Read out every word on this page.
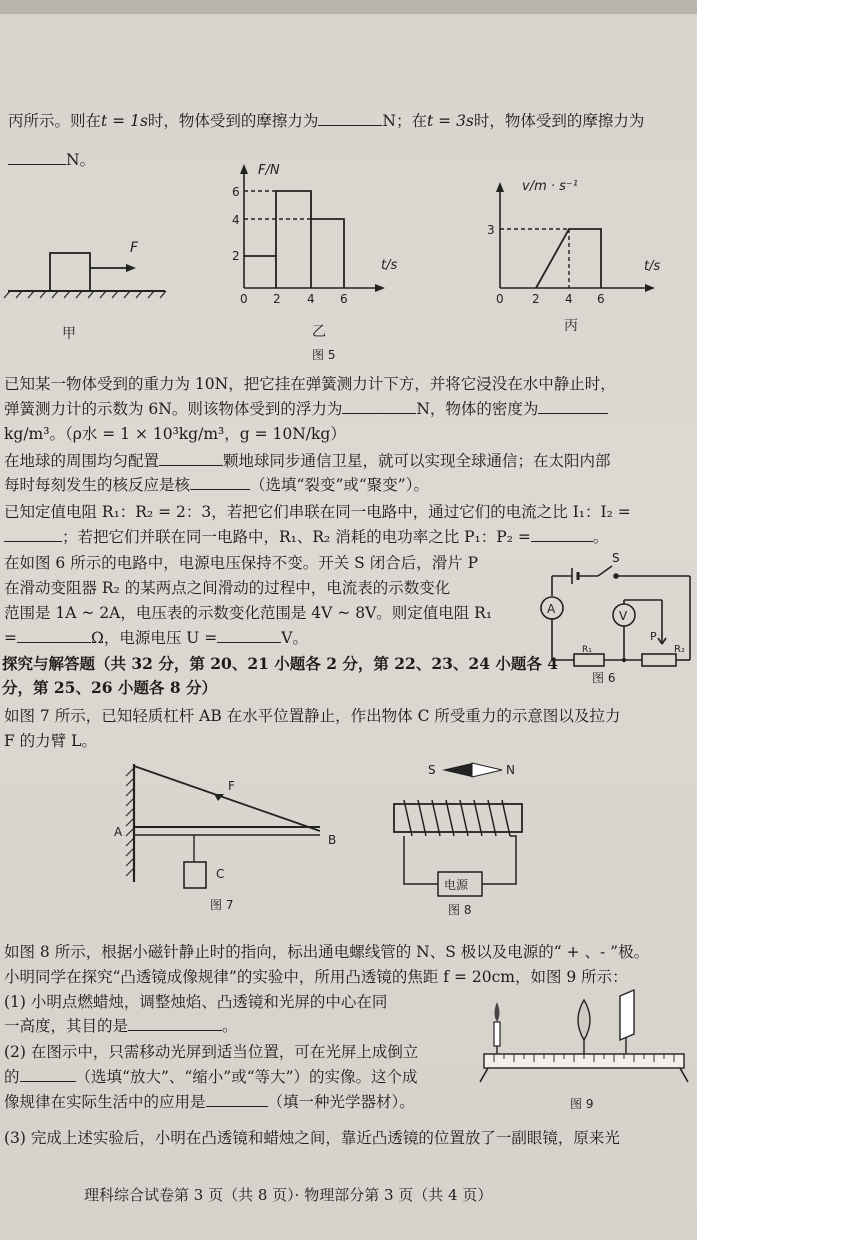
丙所示。则在t = 1s时，物体受到的摩擦力为	N；在t = 3s时，物体受到的摩擦力为
N。
F
甲
F/N
t/s
6
4
2
0 2 4 6
乙
图 5
v/m · s⁻¹
t/s
3
0 2 4 6
丙
已知某一物体受到的重力为 10N，把它挂在弹簧测力计下方，并将它浸没在水中静止时，
弹簧测力计的示数为 6N。则该物体受到的浮力为	N，物体的密度为
kg/m³。（ρ水 = 1 × 10³kg/m³，g = 10N/kg）
在地球的周围均匀配置	颗地球同步通信卫星，就可以实现全球通信；在太阳内部
每时每刻发生的核反应是核	（选填“裂变”或“聚变”）。
已知定值电阻 R₁：R₂ = 2：3，若把它们串联在同一电路中，通过它们的电流之比 I₁：I₂ =
；若把它们并联在同一电路中，R₁、R₂ 消耗的电功率之比 P₁：P₂ =	。
在如图 6 所示的电路中，电源电压保持不变。开关 S 闭合后，滑片 P
在滑动变阻器 R₂ 的某两点之间滑动的过程中，电流表的示数变化
范围是 1A ~ 2A，电压表的示数变化范围是 4V ~ 8V。则定值电阻 R₁
=	Ω，电源电压 U =	V。
S
A	V
R₁	R₂
P
图 6
探究与解答题（共 32 分，第 20、21 小题各 2 分，第 22、23、24 小题各 4
分，第 25、26 小题各 8 分）
如图 7 所示，已知轻质杠杆 AB 在水平位置静止，作出物体 C 所受重力的示意图以及拉力
F 的力臂 L。
F
A
B
C
图 7
S	N
电源
图 8
如图 8 所示，根据小磁针静止时的指向，标出通电螺线管的 N、S 极以及电源的“ + 、- ”极。
小明同学在探究“凸透镜成像规律”的实验中，所用凸透镜的焦距 f = 20cm，如图 9 所示：
(1) 小明点燃蜡烛，调整烛焰、凸透镜和光屏的中心在同
一高度，其目的是	。
(2) 在图示中，只需移动光屏到适当位置，可在光屏上成倒立
的	（选填“放大”、“缩小”或“等大”）的实像。这个成
像规律在实际生活中的应用是	（填一种光学器材）。
(3) 完成上述实验后，小明在凸透镜和蜡烛之间，靠近凸透镜的位置放了一副眼镜，原来光
图 9
理科综合试卷第 3 页（共 8 页）· 物理部分第 3 页（共 4 页）
